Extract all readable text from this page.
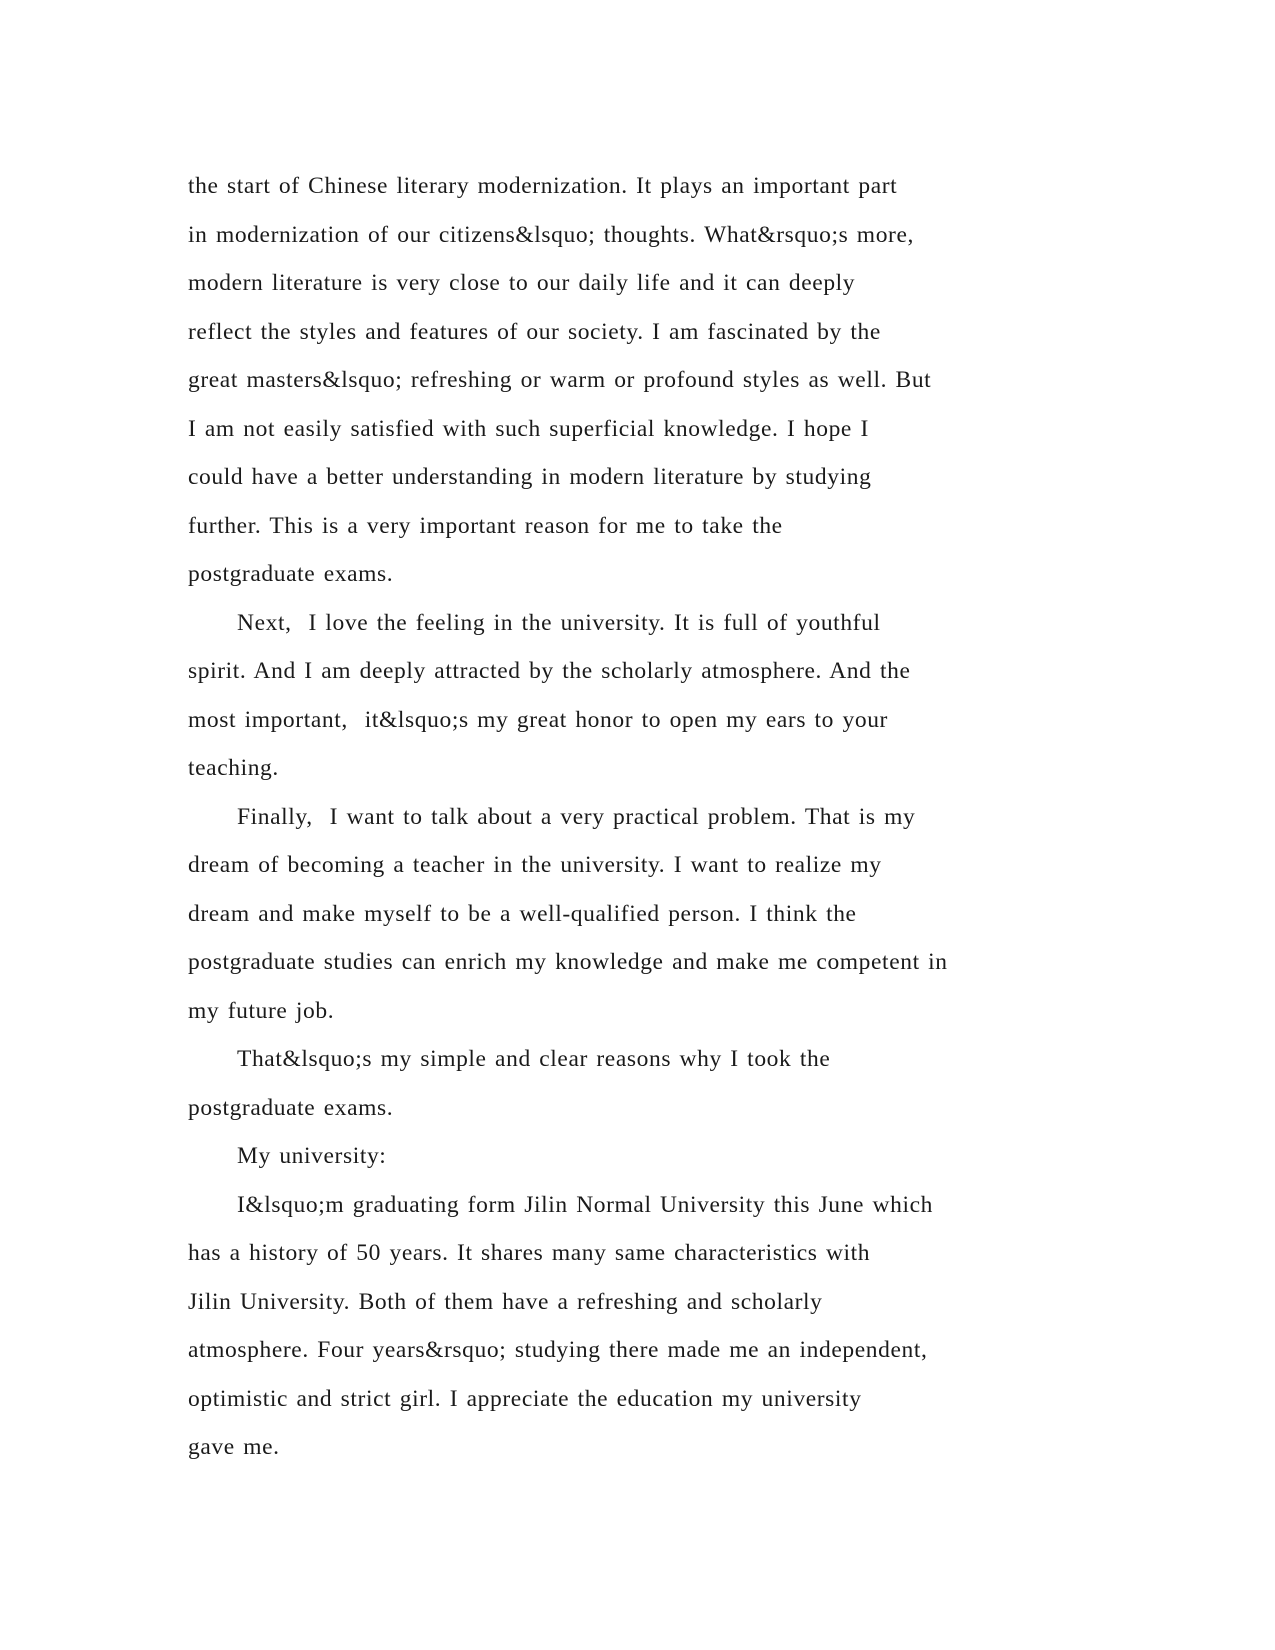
the start of Chinese literary modernization. It plays an important part
in modernization of our citizens&lsquo; thoughts. What&rsquo;s more,
modern literature is very close to our daily life and it can deeply
reflect the styles and features of our society. I am fascinated by the
great masters&lsquo; refreshing or warm or profound styles as well. But
I am not easily satisfied with such superficial knowledge. I hope I
could have a better understanding in modern literature by studying
further. This is a very important reason for me to take the
postgraduate exams.
Next,  I love the feeling in the university. It is full of youthful
spirit. And I am deeply attracted by the scholarly atmosphere. And the
most important,  it&lsquo;s my great honor to open my ears to your
teaching.
Finally,  I want to talk about a very practical problem. That is my
dream of becoming a teacher in the university. I want to realize my
dream and make myself to be a well-qualified person. I think the
postgraduate studies can enrich my knowledge and make me competent in
my future job.
That&lsquo;s my simple and clear reasons why I took the
postgraduate exams.
My university:
I&lsquo;m graduating form Jilin Normal University this June which
has a history of 50 years. It shares many same characteristics with
Jilin University. Both of them have a refreshing and scholarly
atmosphere. Four years&rsquo; studying there made me an independent,
optimistic and strict girl. I appreciate the education my university
gave me.
